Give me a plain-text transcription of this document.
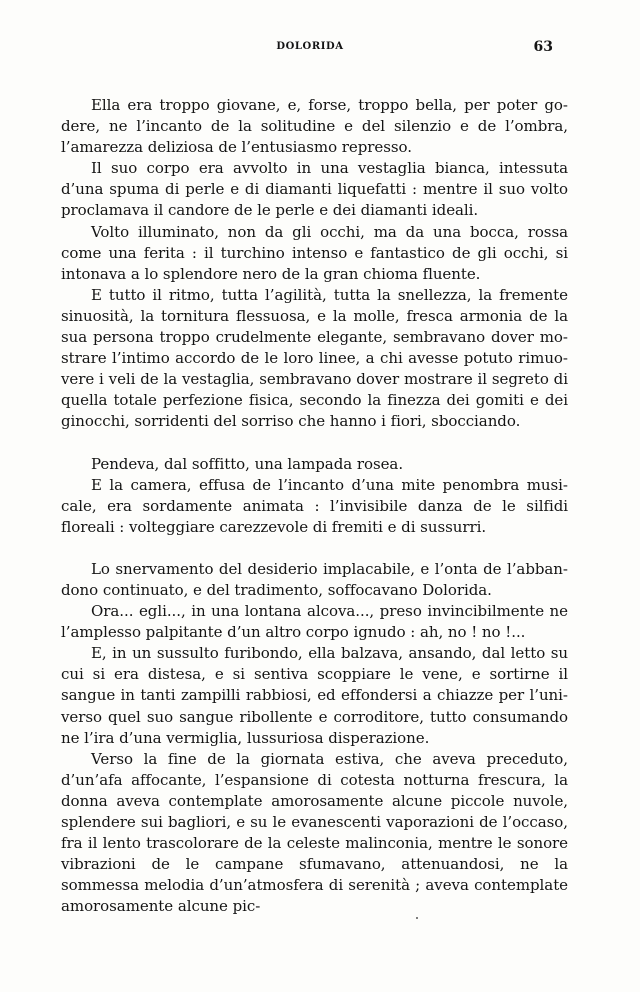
DOLORIDA	63

Ella era troppo giovane, e, forse, troppo bella, per poter godere, ne l’incanto de la solitudine e del silenzio e de l’ombra, l’amarezza deliziosa de l’entusiasmo represso.

Il suo corpo era avvolto in una vestaglia bianca, intessuta d’una spuma di perle e di diamanti liquefatti : mentre il suo volto proclamava il candore de le perle e dei diamanti ideali.

Volto illuminato, non da gli occhi, ma da una bocca, rossa come una ferita : il turchino intenso e fantastico de gli occhi, si intonava a lo splendore nero de la gran chioma fluente.

E tutto il ritmo, tutta l’agilità, tutta la snellezza, la fremente sinuosità, la tornitura flessuosa, e la molle, fresca armonia de la sua persona troppo crudelmente elegante, sembravano dover mostrare l’intimo accordo de le loro linee, a chi avesse potuto rimuovere i veli de la vestaglia, sembravano dover mostrare il segreto di quella totale perfezione fisica, secondo la finezza dei gomiti e dei ginocchi, sorridenti del sorriso che hanno i fiori, sbocciando.

Pendeva, dal soffitto, una lampada rosea.

E la camera, effusa de l’incanto d’una mite penombra musicale, era sordamente animata : l’invisibile danza de le silfidi floreali : volteggiare carezzevole di fremiti e di sussurri.

Lo snervamento del desiderio implacabile, e l’onta de l’abbandono continuato, e del tradimento, soffocavano Dolorida.

Ora... egli..., in una lontana alcova..., preso invincibilmente ne l’amplesso palpitante d’un altro corpo ignudo : ah, no ! no !...

E, in un sussulto furibondo, ella balzava, ansando, dal letto su cui si era distesa, e si sentiva scoppiare le vene, e sortirne il sangue in tanti zampilli rabbiosi, ed effondersi a chiazze per l’universo quel suo sangue ribollente e corroditore, tutto consumando ne l’ira d’una vermiglia, lussuriosa disperazione.

Verso la fine de la giornata estiva, che aveva preceduto, d’un’afa affocante, l’espansione di cotesta notturna frescura, la donna aveva contemplate amorosamente alcune piccole nuvole, splendere sui bagliori, e su le evanescenti vaporazioni de l’occaso, fra il lento trascolorare de la celeste malinconia, mentre le sonore vibrazioni de le campane sfumavano, attenuandosi, ne la sommessa melodia d’un’atmosfera di serenità ; aveva contemplate amorosamente alcune pic-
